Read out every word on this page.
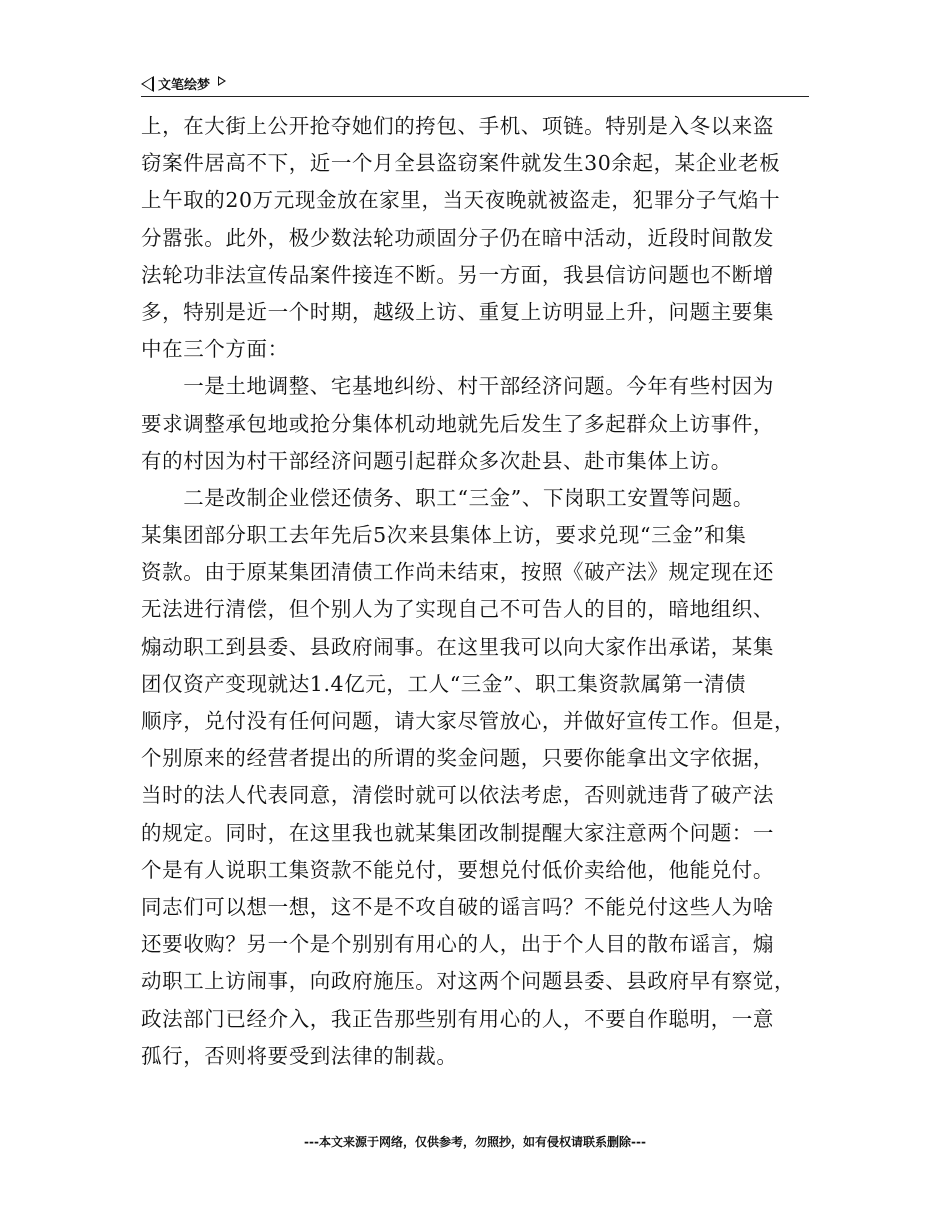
文笔绘梦
上，在大街上公开抢夺她们的挎包、手机、项链。特别是入冬以来盗
窃案件居高不下，近一个月全县盗窃案件就发生30余起，某企业老板
上午取的20万元现金放在家里，当天夜晚就被盗走，犯罪分子气焰十
分嚣张。此外，极少数法轮功顽固分子仍在暗中活动，近段时间散发
法轮功非法宣传品案件接连不断。另一方面，我县信访问题也不断增
多，特别是近一个时期，越级上访、重复上访明显上升，问题主要集
中在三个方面：
　　一是土地调整、宅基地纠纷、村干部经济问题。今年有些村因为
要求调整承包地或抢分集体机动地就先后发生了多起群众上访事件，
有的村因为村干部经济问题引起群众多次赴县、赴市集体上访。
　　二是改制企业偿还债务、职工“三金”、下岗职工安置等问题。
某集团部分职工去年先后5次来县集体上访，要求兑现“三金”和集
资款。由于原某集团清债工作尚未结束，按照《破产法》规定现在还
无法进行清偿，但个别人为了实现自己不可告人的目的，暗地组织、
煽动职工到县委、县政府闹事。在这里我可以向大家作出承诺，某集
团仅资产变现就达1.4亿元，工人“三金”、职工集资款属第一清债
顺序，兑付没有任何问题，请大家尽管放心，并做好宣传工作。但是，
个别原来的经营者提出的所谓的奖金问题，只要你能拿出文字依据，
当时的法人代表同意，清偿时就可以依法考虑，否则就违背了破产法
的规定。同时，在这里我也就某集团改制提醒大家注意两个问题：一
个是有人说职工集资款不能兑付，要想兑付低价卖给他，他能兑付。
同志们可以想一想，这不是不攻自破的谣言吗？不能兑付这些人为啥
还要收购？另一个是个别别有用心的人，出于个人目的散布谣言，煽
动职工上访闹事，向政府施压。对这两个问题县委、县政府早有察觉，
政法部门已经介入，我正告那些别有用心的人，不要自作聪明，一意
孤行，否则将要受到法律的制裁。
---本文来源于网络，仅供参考，勿照抄，如有侵权请联系删除---
